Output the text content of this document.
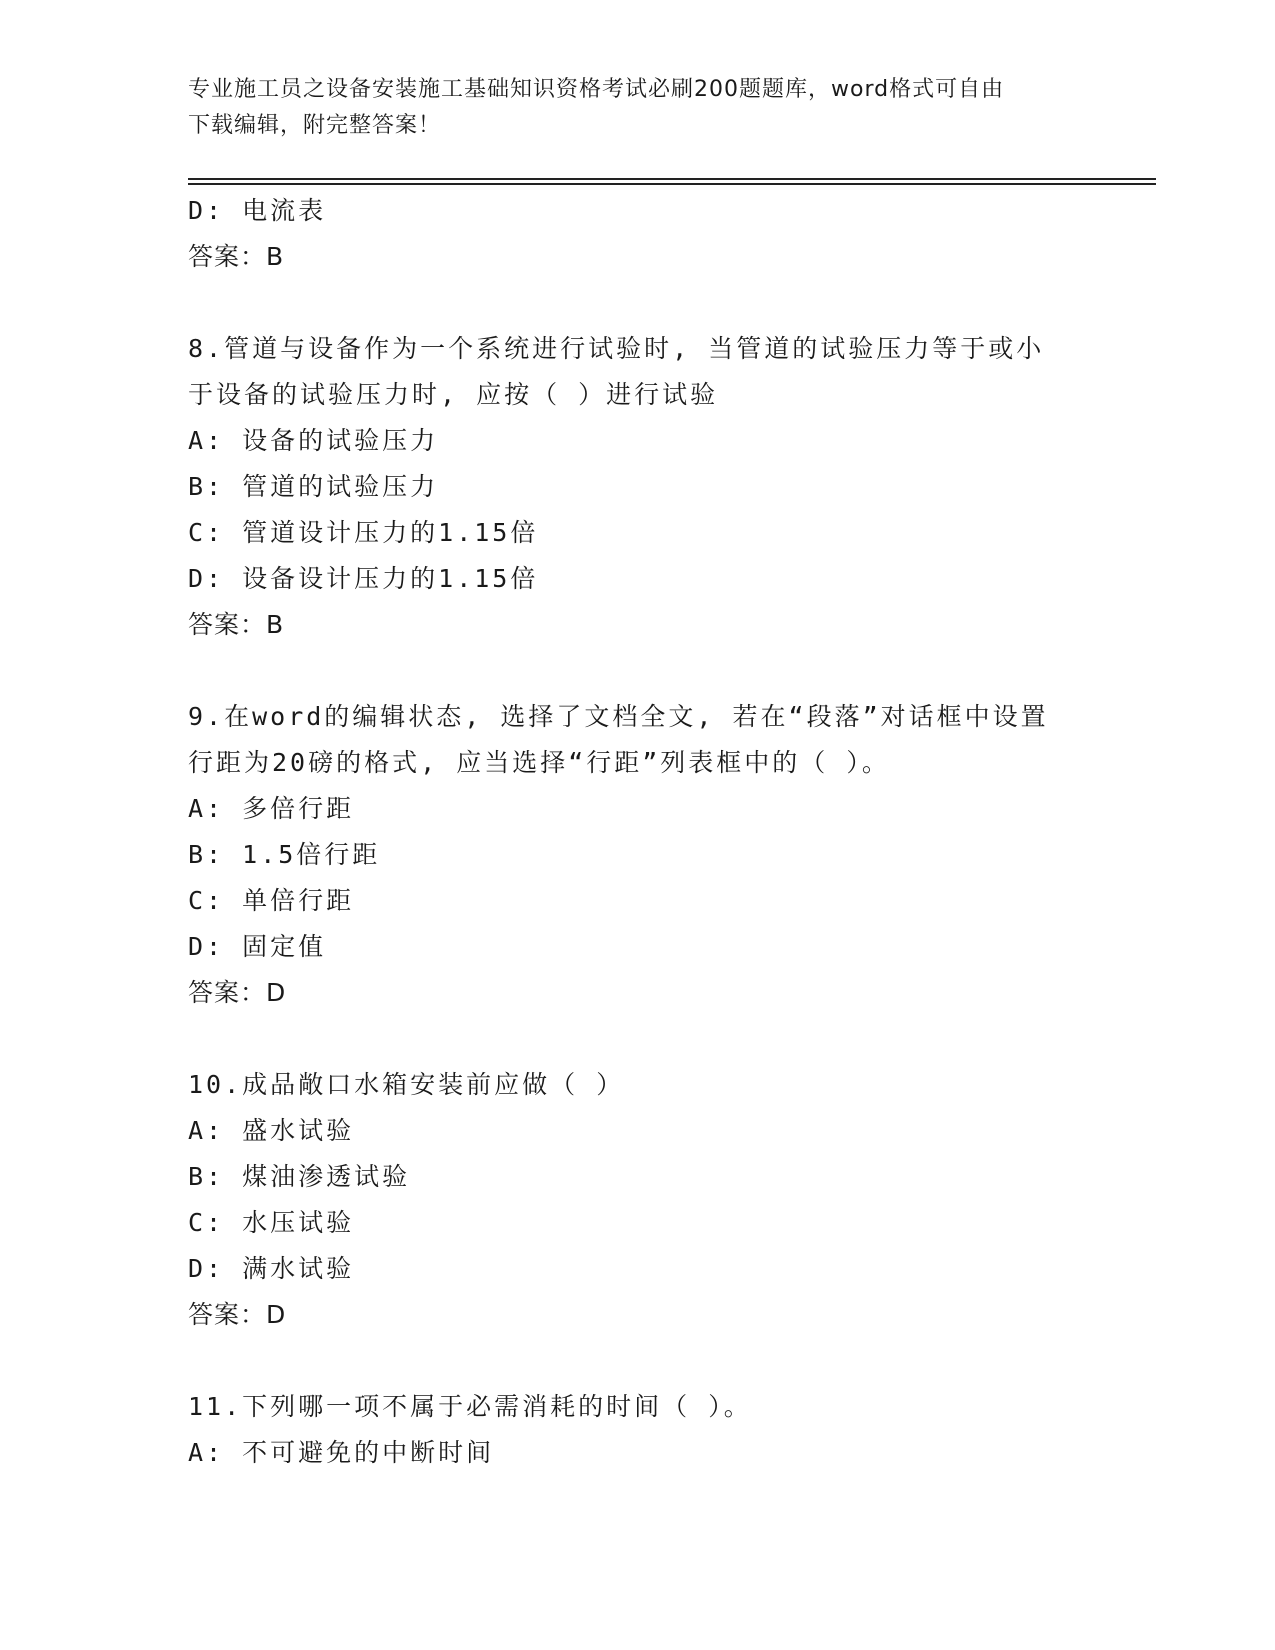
专业施工员之设备安装施工基础知识资格考试必刷200题题库，word格式可自由
下载编辑，附完整答案！
D: 电流表
答案：B
8.管道与设备作为一个系统进行试验时, 当管道的试验压力等于或小
于设备的试验压力时, 应按（ ）进行试验
A: 设备的试验压力
B: 管道的试验压力
C: 管道设计压力的1.15倍
D: 设备设计压力的1.15倍
答案：B
9.在word的编辑状态, 选择了文档全文, 若在“段落”对话框中设置
行距为20磅的格式, 应当选择“行距”列表框中的（ ）。
A: 多倍行距
B: 1.5倍行距
C: 单倍行距
D: 固定值
答案：D
10.成品敞口水箱安装前应做（ ）
A: 盛水试验
B: 煤油渗透试验
C: 水压试验
D: 满水试验
答案：D
11.下列哪一项不属于必需消耗的时间（ ）。
A: 不可避免的中断时间
